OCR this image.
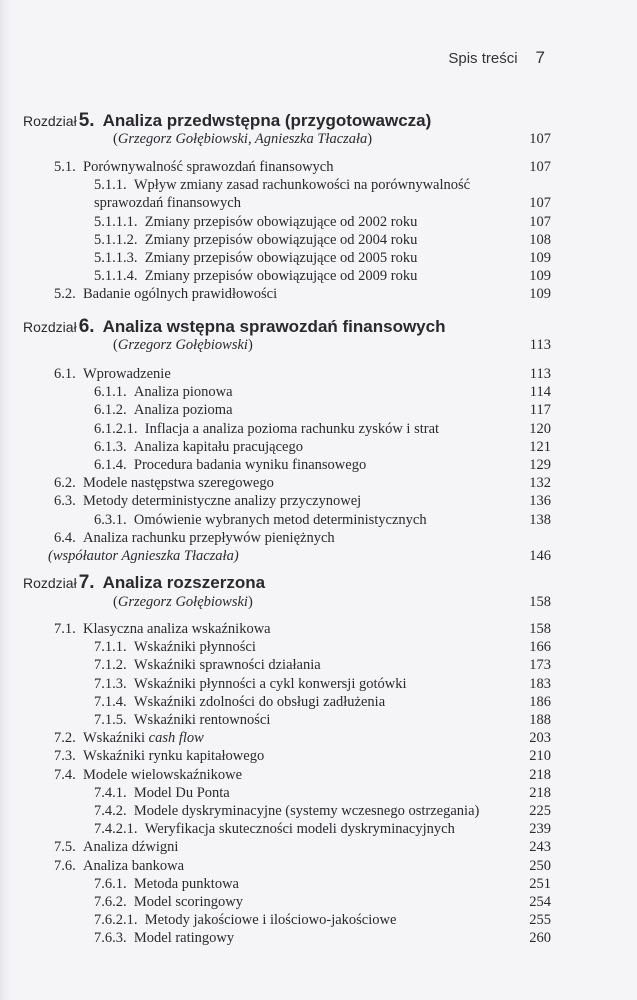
Spis treści 7
Rozdział 5. Analiza przedwstępna (przygotowawcza)
(Grzegorz Gołębiowski, Agnieszka Tłaczała)	107
5.1. Porównywalność sprawozdań finansowych	107
5.1.1. Wpływ zmiany zasad rachunkowości na porównywalność
sprawozdań finansowych	107
5.1.1.1. Zmiany przepisów obowiązujące od 2002 roku	107
5.1.1.2. Zmiany przepisów obowiązujące od 2004 roku	108
5.1.1.3. Zmiany przepisów obowiązujące od 2005 roku	109
5.1.1.4. Zmiany przepisów obowiązujące od 2009 roku	109
5.2. Badanie ogólnych prawidłowości	109
Rozdział 6. Analiza wstępna sprawozdań finansowych
(Grzegorz Gołębiowski)	113
6.1. Wprowadzenie	113
6.1.1. Analiza pionowa	114
6.1.2. Analiza pozioma	117
6.1.2.1. Inflacja a analiza pozioma rachunku zysków i strat	120
6.1.3. Analiza kapitału pracującego	121
6.1.4. Procedura badania wyniku finansowego	129
6.2. Modele następstwa szeregowego	132
6.3. Metody deterministyczne analizy przyczynowej	136
6.3.1. Omówienie wybranych metod deterministycznych	138
6.4. Analiza rachunku przepływów pieniężnych
(współautor Agnieszka Tłaczała)	146
Rozdział 7. Analiza rozszerzona
(Grzegorz Gołębiowski)	158
7.1. Klasyczna analiza wskaźnikowa	158
7.1.1. Wskaźniki płynności	166
7.1.2. Wskaźniki sprawności działania	173
7.1.3. Wskaźniki płynności a cykl konwersji gotówki	183
7.1.4. Wskaźniki zdolności do obsługi zadłużenia	186
7.1.5. Wskaźniki rentowności	188
7.2. Wskaźniki cash flow	203
7.3. Wskaźniki rynku kapitałowego	210
7.4. Modele wielowskaźnikowe	218
7.4.1. Model Du Ponta	218
7.4.2. Modele dyskryminacyjne (systemy wczesnego ostrzegania)	225
7.4.2.1. Weryfikacja skuteczności modeli dyskryminacyjnych	239
7.5. Analiza dźwigni	243
7.6. Analiza bankowa	250
7.6.1. Metoda punktowa	251
7.6.2. Model scoringowy	254
7.6.2.1. Metody jakościowe i ilościowo-jakościowe	255
7.6.3. Model ratingowy	260
